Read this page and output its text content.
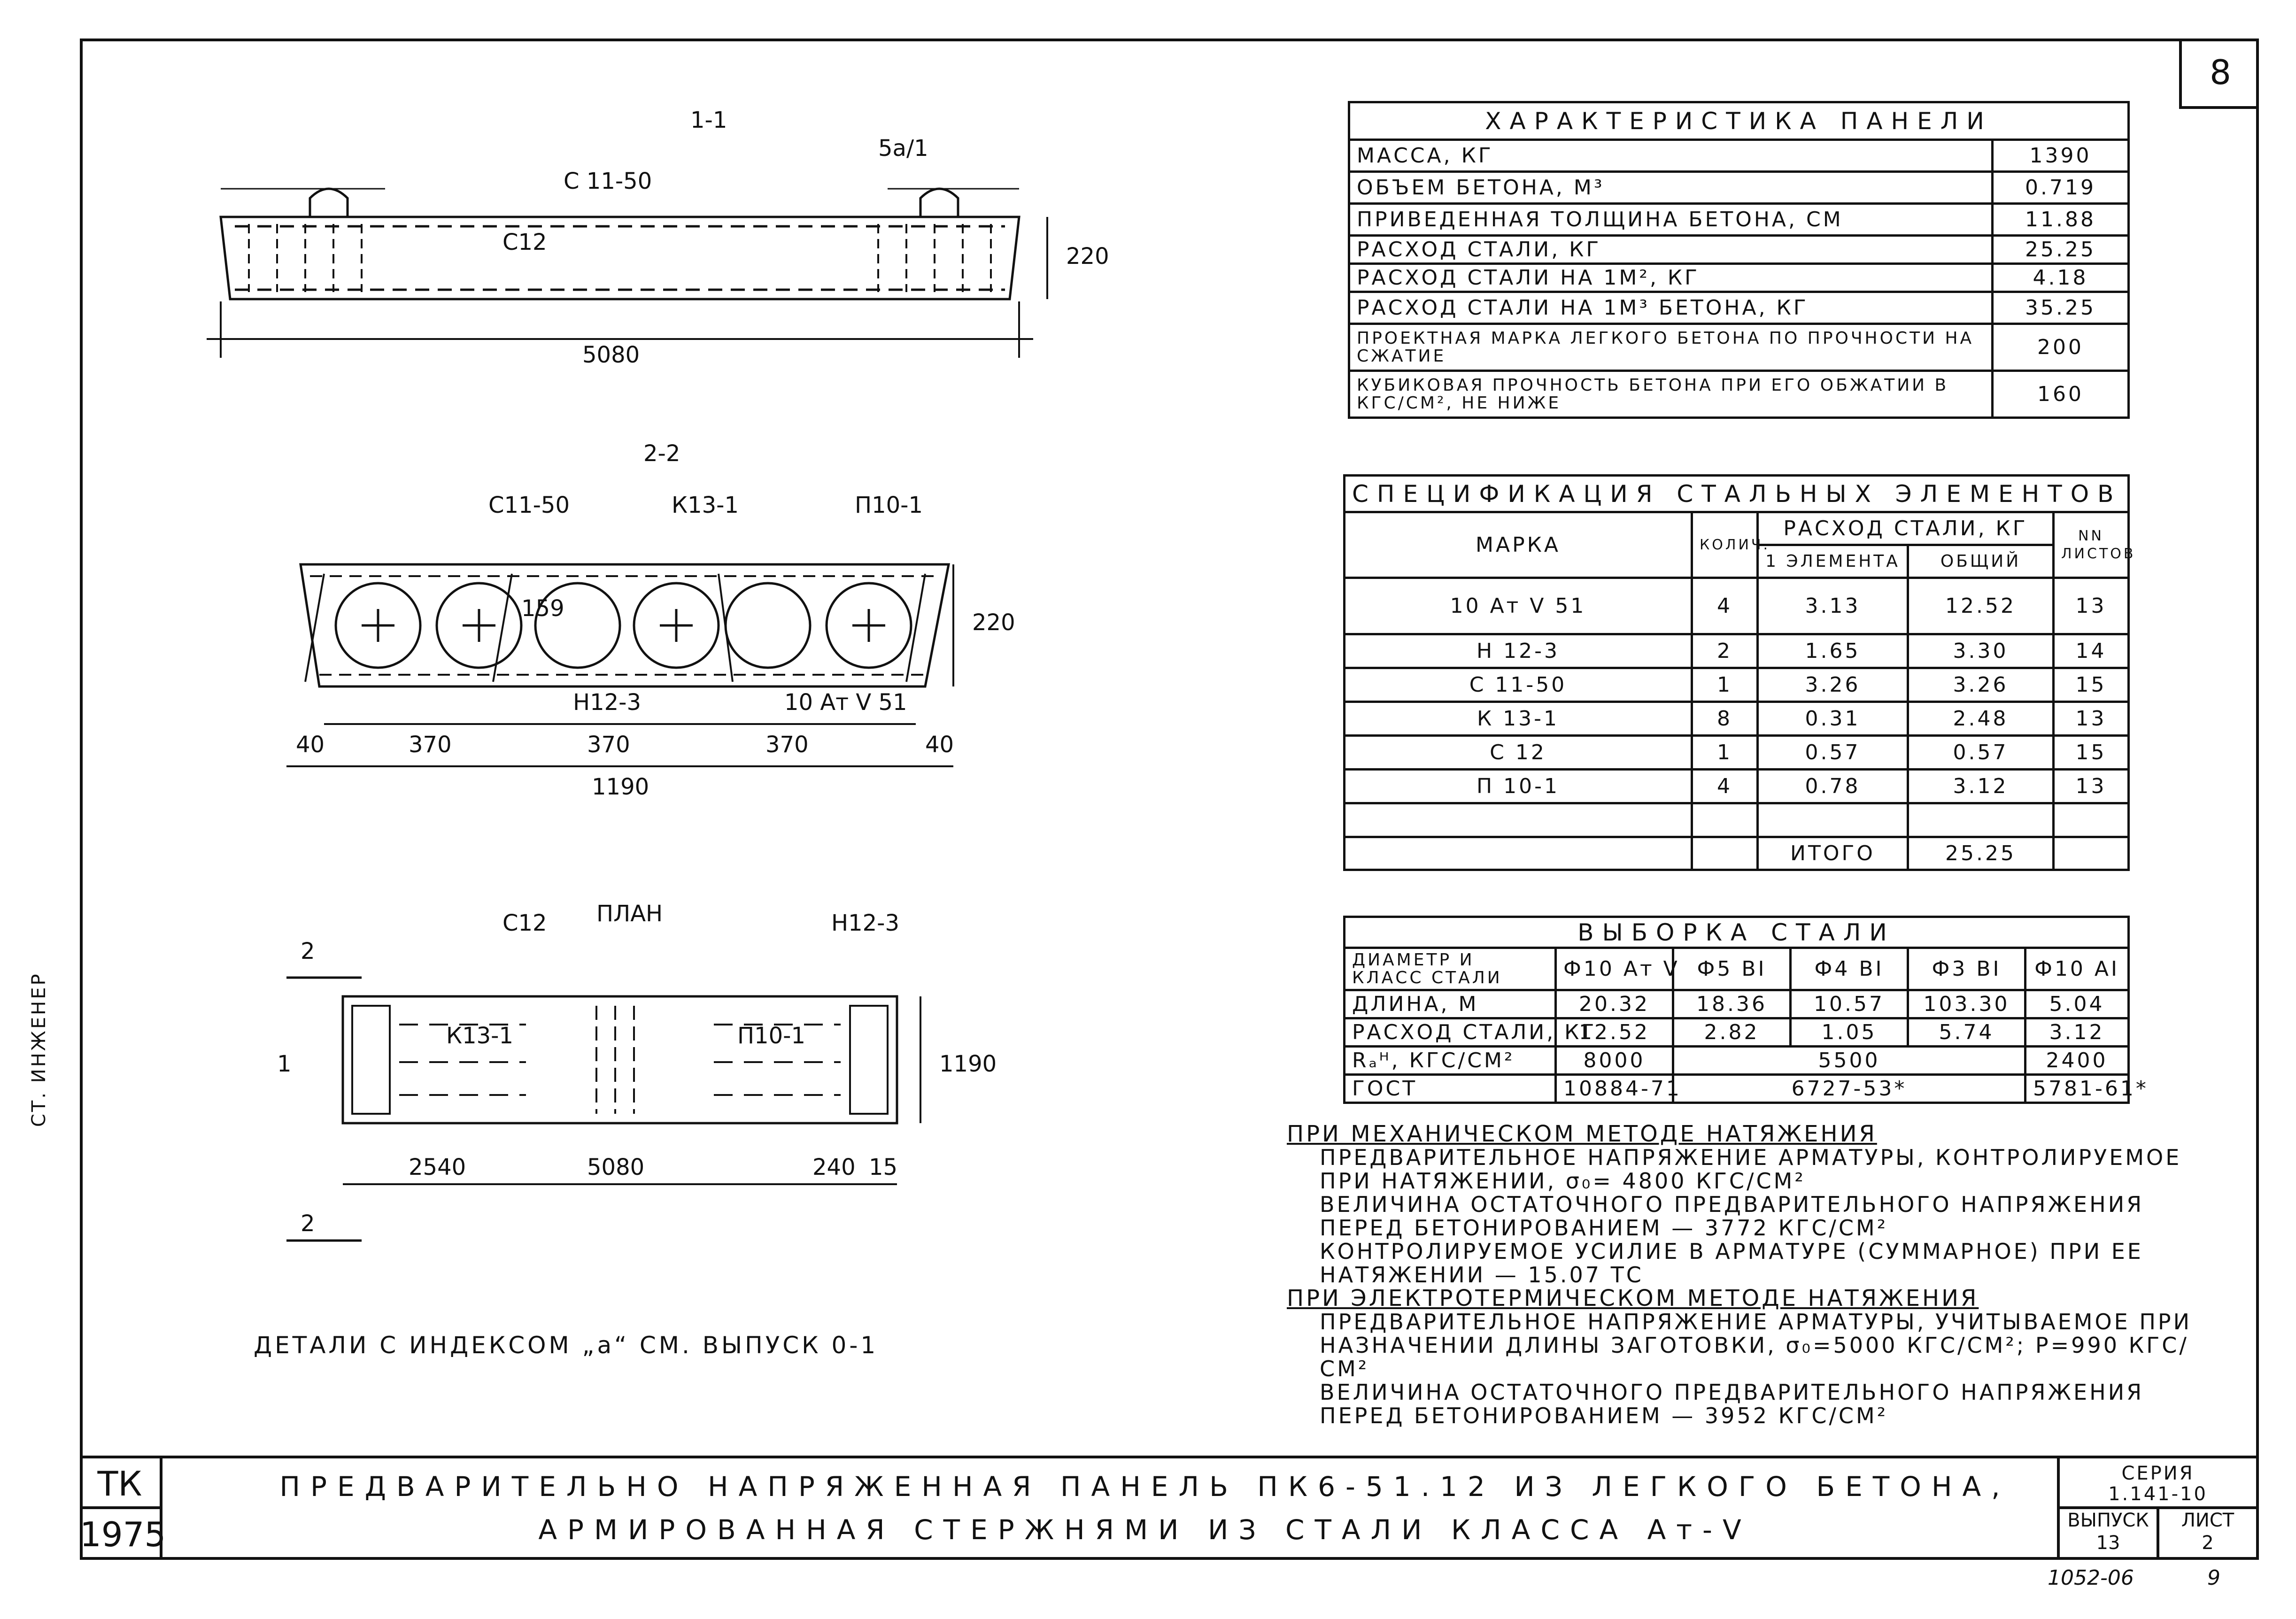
8
1-1
С 11-50
С12
5a/1
220
5080
2-2
С11-50	К13-1	П10-1
Н12-3	10 Ат V 51
159
220
40	370	370	370	40
1190
ПЛАН
С12	Н12-3
К13-1	П10-1
2
2
1	1190
2540	5080	240 15
ДЕТАЛИ С ИНДЕКСОМ „а“ СМ. ВЫПУСК 0-1
ХАРАКТЕРИСТИКА ПАНЕЛИ	
МАССА, КГ	1390
ОБЪЕМ БЕТОНА, М³	0.719
ПРИВЕДЕННАЯ ТОЛЩИНА БЕТОНА, СМ	11.88
РАСХОД СТАЛИ, КГ	25.25
РАСХОД СТАЛИ НА 1М², КГ	4.18
РАСХОД СТАЛИ НА 1М³ БЕТОНА, КГ	35.25
ПРОЕКТНАЯ МАРКА ЛЕГКОГО БЕТОНА ПО ПРОЧНОСТИ НА СЖАТИЕ	200
КУБИКОВАЯ ПРОЧНОСТЬ БЕТОНА ПРИ ЕГО ОБЖАТИИ В КГС/СМ², НЕ НИЖЕ	160
СПЕЦИФИКАЦИЯ СТАЛЬНЫХ ЭЛЕМЕНТОВ				
МАРКА	КОЛИЧ.	РАСХОД СТАЛИ, КГ		NN ЛИСТОВ
		1 ЭЛЕМЕНТА	ОБЩИЙ	
10 Ат V 51	4	3.13	12.52	13
Н 12-3	2	1.65	3.30	14
С 11-50	1	3.26	3.26	15
К 13-1	8	0.31	2.48	13
С 12	1	0.57	0.57	15
П 10-1	4	0.78	3.12	13

		ИТОГО	25.25	
ВЫБОРКА СТАЛИ					
ДИАМЕТР И КЛАСС СТАЛИ	Ф10 Ат V	Ф5 ВI	Ф4 ВI	Ф3 ВI	Ф10 АI
ДЛИНА, М	20.32	18.36	10.57	103.30	5.04
РАСХОД СТАЛИ, КГ	12.52	2.82	1.05	5.74	3.12
Rₐᴴ, КГС/СМ²	8000	5500			2400
ГОСТ	10884-71	6727-53*			5781-61*
ПРИ МЕХАНИЧЕСКОМ МЕТОДЕ НАТЯЖЕНИЯ
ПРЕДВАРИТЕЛЬНОЕ НАПРЯЖЕНИЕ АРМАТУРЫ, КОНТРОЛИРУЕМОЕ ПРИ НАТЯЖЕНИИ, σ₀= 4800 КГС/СМ²
ВЕЛИЧИНА ОСТАТОЧНОГО ПРЕДВАРИТЕЛЬНОГО НАПРЯЖЕНИЯ ПЕРЕД БЕТОНИРОВАНИЕМ — 3772 КГС/СМ²
КОНТРОЛИРУЕМОЕ УСИЛИЕ В АРМАТУРЕ (СУММАРНОЕ) ПРИ ЕЕ НАТЯЖЕНИИ — 15.07 ТС
ПРИ ЭЛЕКТРОТЕРМИЧЕСКОМ МЕТОДЕ НАТЯЖЕНИЯ
ПРЕДВАРИТЕЛЬНОЕ НАПРЯЖЕНИЕ АРМАТУРЫ, УЧИТЫВАЕМОЕ ПРИ НАЗНАЧЕНИИ ДЛИНЫ ЗАГОТОВКИ, σ₀=5000 КГС/СМ²; Р=990 КГС/СМ²
ВЕЛИЧИНА ОСТАТОЧНОГО ПРЕДВАРИТЕЛЬНОГО НАПРЯЖЕНИЯ ПЕРЕД БЕТОНИРОВАНИЕМ — 3952 КГС/СМ²
ТК
1975
ПРЕДВАРИТЕЛЬНО НАПРЯЖЕННАЯ ПАНЕЛЬ ПК6-51.12 ИЗ ЛЕГКОГО БЕТОНА,
АРМИРОВАННАЯ СТЕРЖНЯМИ ИЗ СТАЛИ КЛАССА Ат-V
СЕРИЯ
1.141-10
ВЫПУСК
13
ЛИСТ
2
СТ. ИНЖЕНЕР
1052-06	9
